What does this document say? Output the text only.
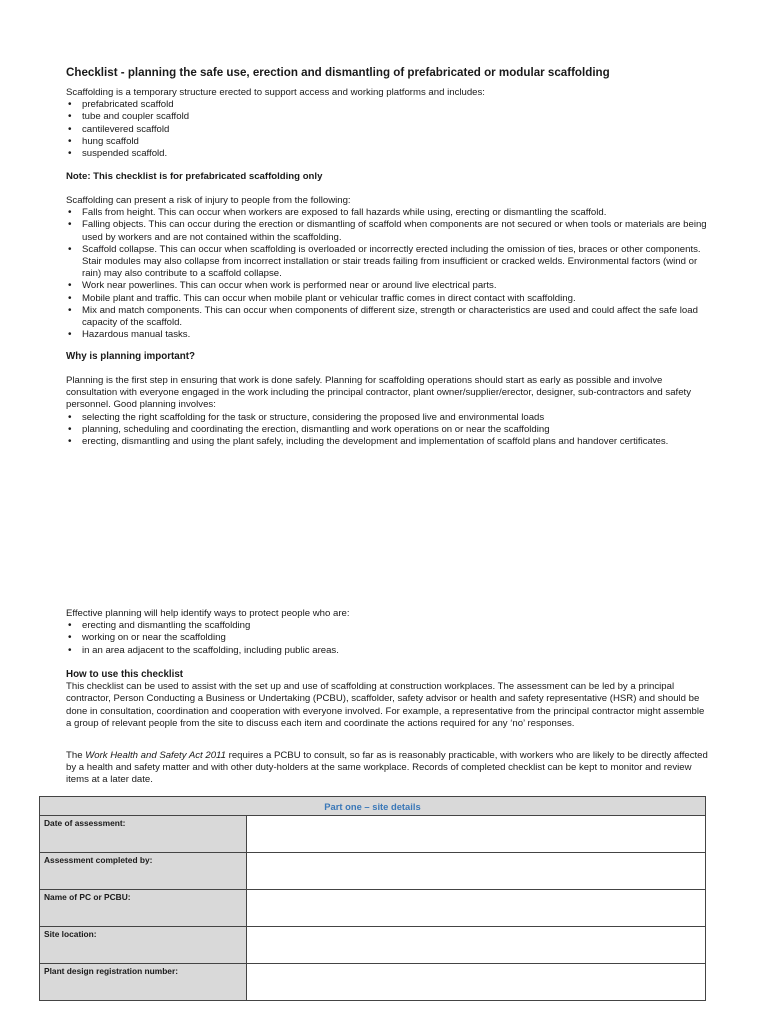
Checklist - planning the safe use, erection and dismantling of prefabricated or modular scaffolding

Scaffolding is a temporary structure erected to support access and working platforms and includes:

• prefabricated scaffold
• tube and coupler scaffold
• cantilevered scaffold
• hung scaffold
• suspended scaffold.
Note: This checklist is for prefabricated scaffolding only

Scaffolding can present a risk of injury to people from the following:

• Falls from height. This can occur when workers are exposed to fall hazards while using, erecting or dismantling the scaffold.
• Falling objects. This can occur during the erection or dismantling of scaffold when components are not secured or when tools or materials are being used by workers and are not contained within the scaffolding.
• Scaffold collapse. This can occur when scaffolding is overloaded or incorrectly erected including the omission of ties, braces or other components. Stair modules may also collapse from incorrect installation or stair treads failing from insufficient or cracked welds. Environmental factors (wind or rain) may also contribute to a scaffold collapse.
• Work near powerlines. This can occur when work is performed near or around live electrical parts.
• Mobile plant and traffic. This can occur when mobile plant or vehicular traffic comes in direct contact with scaffolding.
• Mix and match components. This can occur when components of different size, strength or characteristics are used and could affect the safe load capacity of the scaffold.
• Hazardous manual tasks.
Why is planning important?

Planning is the first step in ensuring that work is done safely. Planning for scaffolding operations should start as early as possible and involve consultation with everyone engaged in the work including the principal contractor, plant owner/supplier/erector, designer, sub-contractors and safety personnel. Good planning involves:

• selecting the right scaffolding for the task or structure, considering the proposed live and environmental loads
• planning, scheduling and coordinating the erection, dismantling and work operations on or near the scaffolding
• erecting, dismantling and using the plant safely, including the development and implementation of scaffold plans and handover certificates.

Effective planning will help identify ways to protect people who are:

• erecting and dismantling the scaffolding
• working on or near the scaffolding
• in an area adjacent to the scaffolding, including public areas.
How to use this checklist

This checklist can be used to assist with the set up and use of scaffolding at construction workplaces. The assessment can be led by a principal contractor, Person Conducting a Business or Undertaking (PCBU), scaffolder, safety advisor or health and safety representative (HSR) and should be done in consultation, coordination and cooperation with everyone involved. For example, a representative from the principal contractor might assemble a group of relevant people from the site to discuss each item and coordinate the actions required for any ‘no’ responses.

The Work Health and Safety Act 2011 requires a PCBU to consult, so far as is reasonably practicable, with workers who are likely to be directly affected by a health and safety matter and with other duty-holders at the same workplace. Records of completed checklist can be kept to monitor and review items at a later date.

Part one – site details	
Date of assessment:	
Assessment completed by:	
Name of PC or PCBU:	
Site location:	
Plant design registration number:	
